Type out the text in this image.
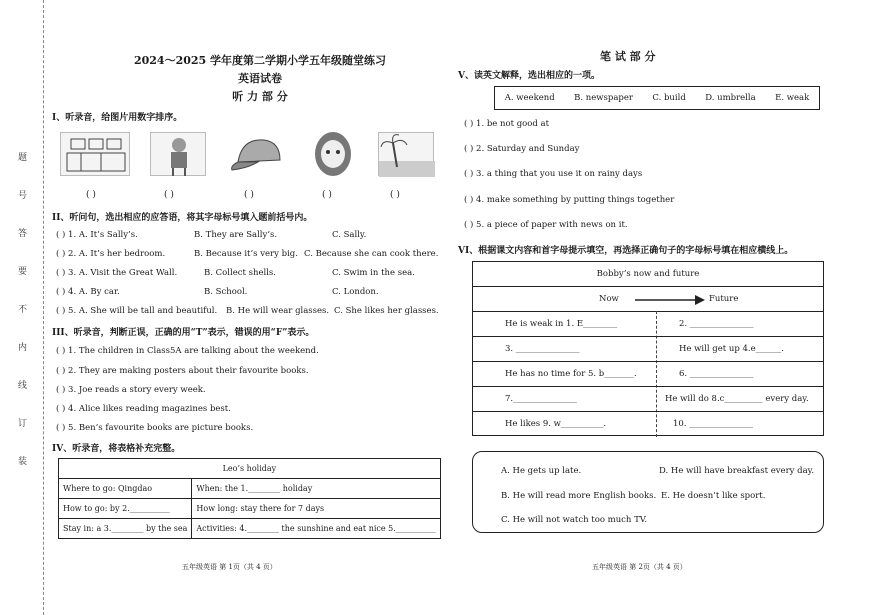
题
号
答
要
不
内
线
订
装
2024～2025 学年度第二学期小学五年级随堂练习
英语试卷
听 力 部 分
I、听录音，给图片用数字排序。
( )	( )	( )	( )	( )
II、听问句，选出相应的应答语，将其字母标号填入题前括号内。
( ) 1. A. It’s Sally’s.	B. They are Sally’s.	C. Sally.
( ) 2. A. It’s her bedroom.	B. Because it’s very big. C. Because she can cook there.
( ) 3. A. Visit the Great Wall.	B. Collect shells.	C. Swim in the sea.
( ) 4. A. By car.	B. School.	C. London.
( ) 5. A. She will be tall and beautiful. B. He will wear glasses. C. She likes her glasses.
III、听录音，判断正误，正确的用“T”表示，错误的用“F”表示。
( ) 1. The children in Class5A are talking about the weekend.
( ) 2. They are making posters about their favourite books.
( ) 3. Joe reads a story every week.
( ) 4. Alice likes reading magazines best.
( ) 5. Ben’s favourite books are picture books.
IV、听录音，将表格补充完整。
Leo’s holiday	
Where to go: Qingdao	When: the 1.________ holiday
How to go: by 2.__________	How long: stay there for 7 days
Stay in: a 3.________ by the sea	Activities: 4.________ the sunshine and eat nice 5.__________
笔 试 部 分
V、读英文解释，选出相应的一项。
A. weekend B. newspaper C. build D. umbrella E. weak
( ) 1. be not good at
( ) 2. Saturday and Sunday
( ) 3. a thing that you use it on rainy days
( ) 4. make something by putting things together
( ) 5. a piece of paper with news on it.
VI、根据课文内容和首字母提示填空，再选择正确句子的字母标号填在相应横线上。
Bobby’s now and future
Now	Future
He is weak in 1. E________	2. _______________
3. _______________	He will get up 4.e______.
He has no time for 5. b_______.	6. _______________
7._______________	He will do 8.c_________ every day.
He likes 9. w__________.	10. _______________
A. He gets up late.	D. He will have breakfast every day.
B. He will read more English books. E. He doesn’t like sport.
C. He will not watch too much TV.
五年级英语 第 1页（共 4 页）	五年级英语 第 2页（共 4 页）
